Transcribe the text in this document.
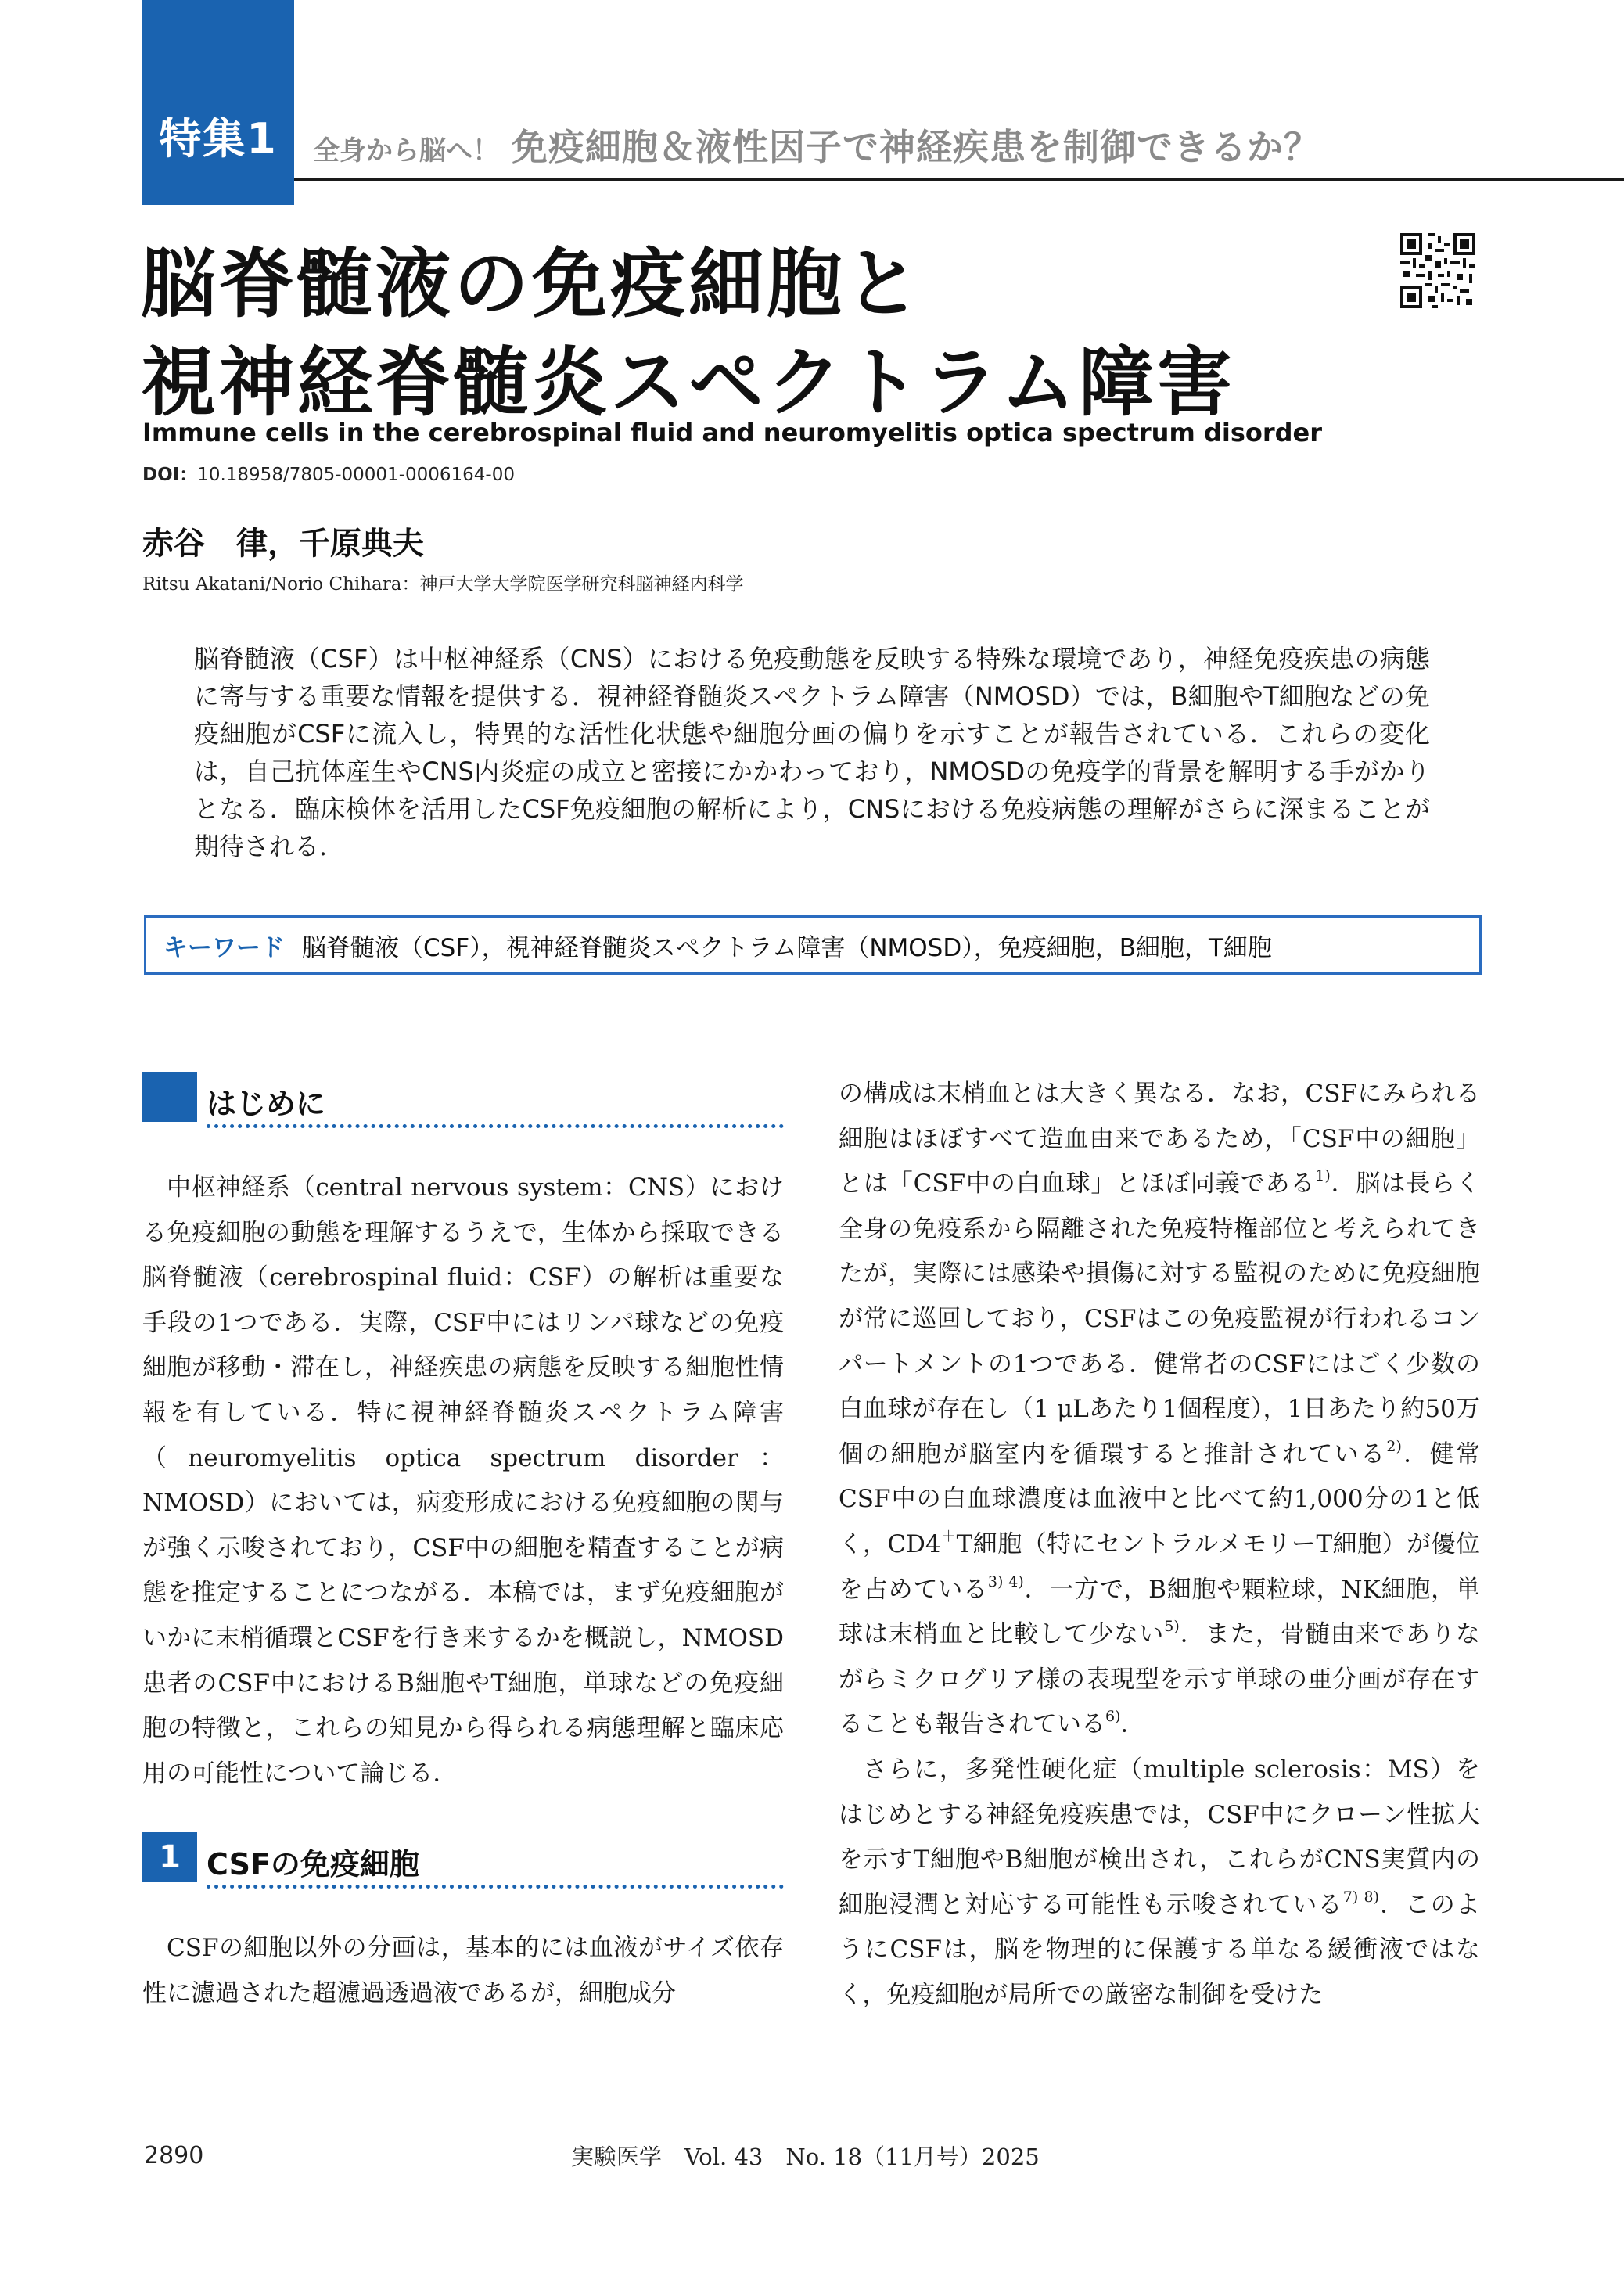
特集1	全身から脳へ！ 免疫細胞＆液性因子で神経疾患を制御できるか？
脳脊髄液の免疫細胞と
視神経脊髄炎スペクトラム障害
Immune cells in the cerebrospinal fluid and neuromyelitis optica spectrum disorder
DOI：10.18958/7805-00001-0006164-00
赤谷　律，千原典夫
Ritsu Akatani/Norio Chihara：神戸大学大学院医学研究科脳神経内科学

脳脊髄液（CSF）は中枢神経系（CNS）における免疫動態を反映する特殊な環境であり，神経免疫疾患の病態に寄与する重要な情報を提供する．視神経脊髄炎スペクトラム障害（NMOSD）では，B細胞やT細胞などの免疫細胞がCSFに流入し，特異的な活性化状態や細胞分画の偏りを示すことが報告されている．これらの変化は，自己抗体産生やCNS内炎症の成立と密接にかかわっており，NMOSDの免疫学的背景を解明する手がかりとなる．臨床検体を活用したCSF免疫細胞の解析により，CNSにおける免疫病態の理解がさらに深まることが期待される．

キーワード 脳脊髄液（CSF），視神経脊髄炎スペクトラム障害（NMOSD），免疫細胞，B細胞，T細胞
はじめに

中枢神経系（central nervous system：CNS）における免疫細胞の動態を理解するうえで，生体から採取できる脳脊髄液（cerebrospinal fluid：CSF）の解析は重要な手段の1つである．実際，CSF中にはリンパ球などの免疫細胞が移動・滞在し，神経疾患の病態を反映する細胞性情報を有している．特に視神経脊髄炎スペクトラム障害（neuromyelitis optica spectrum disorder：NMOSD）においては，病変形成における免疫細胞の関与が強く示唆されており，CSF中の細胞を精査することが病態を推定することにつながる．本稿では，まず免疫細胞がいかに末梢循環とCSFを行き来するかを概説し，NMOSD患者のCSF中におけるB細胞やT細胞，単球などの免疫細胞の特徴と，これらの知見から得られる病態理解と臨床応用の可能性について論じる．

1 CSFの免疫細胞

CSFの細胞以外の分画は，基本的には血液がサイズ依存性に濾過された超濾過透過液であるが，細胞成分

の構成は末梢血とは大きく異なる．なお，CSFにみられる細胞はほぼすべて造血由来であるため，「CSF中の細胞」とは「CSF中の白血球」とほぼ同義である$^{1)}$．脳は長らく全身の免疫系から隔離された免疫特権部位と考えられてきたが，実際には感染や損傷に対する監視のために免疫細胞が常に巡回しており，CSFはこの免疫監視が行われるコンパートメントの1つである．健常者のCSFにはごく少数の白血球が存在し（1 μLあたり1個程度），1日あたり約50万個の細胞が脳室内を循環すると推計されている$^{2)}$．健常CSF中の白血球濃度は血液中と比べて約1,000分の1と低く，CD4＋T細胞（特にセントラルメモリーT細胞）が優位を占めている$^{3) 4)}$．一方で，B細胞や顆粒球，NK細胞，単球は末梢血と比較して少ない$^{5)}$．また，骨髄由来でありながらミクログリア様の表現型を示す単球の亜分画が存在することも報告されている$^{6)}$．

さらに，多発性硬化症（multiple sclerosis：MS）をはじめとする神経免疫疾患では，CSF中にクローン性拡大を示すT細胞やB細胞が検出され，これらがCNS実質内の細胞浸潤と対応する可能性も示唆されている$^{7) 8)}$．このようにCSFは，脳を物理的に保護する単なる緩衝液ではなく，免疫細胞が局所での厳密な制御を受けた

2890	実験医学　Vol. 43　No. 18（11月号）2025
